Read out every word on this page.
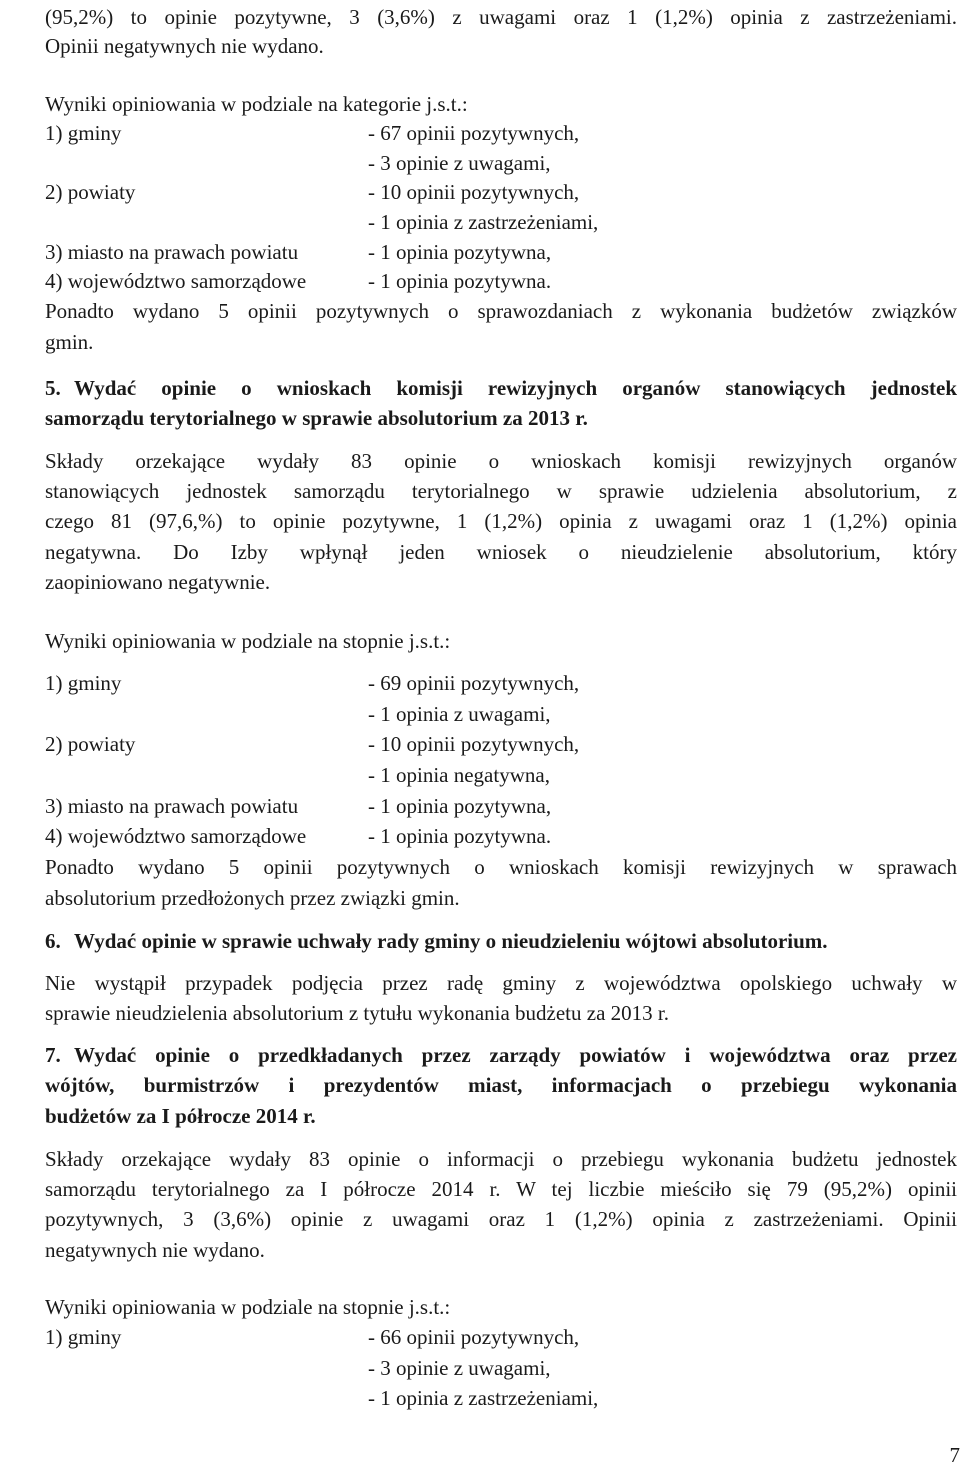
(95,2%) to opinie pozytywne, 3 (3,6%) z uwagami oraz 1 (1,2%) opinia z zastrzeżeniami.
Opinii negatywnych nie wydano.
Wyniki opiniowania w podziale na kategorie j.s.t.:
1) gminy	- 67 opinii pozytywnych,
- 3 opinie z uwagami,
2) powiaty	- 10 opinii pozytywnych,
- 1 opinia z zastrzeżeniami,
3) miasto na prawach powiatu	- 1 opinia pozytywna,
4) województwo samorządowe	- 1 opinia pozytywna.
Ponadto wydano 5 opinii pozytywnych o sprawozdaniach z wykonania budżetów związków
gmin.
5. Wydać opinie o wnioskach komisji rewizyjnych organów stanowiących jednostek
samorządu terytorialnego w sprawie absolutorium za 2013 r.
Składy orzekające wydały 83 opinie o wnioskach komisji rewizyjnych organów
stanowiących jednostek samorządu terytorialnego w sprawie udzielenia absolutorium, z
czego 81 (97,6,%) to opinie pozytywne, 1 (1,2%) opinia z uwagami oraz 1 (1,2%) opinia
negatywna. Do Izby wpłynął jeden wniosek o nieudzielenie absolutorium, który
zaopiniowano negatywnie.
Wyniki opiniowania w podziale na stopnie j.s.t.:
1) gminy	- 69 opinii pozytywnych,
- 1 opinia z uwagami,
2) powiaty	- 10 opinii pozytywnych,
- 1 opinia negatywna,
3) miasto na prawach powiatu	- 1 opinia pozytywna,
4) województwo samorządowe	- 1 opinia pozytywna.
Ponadto wydano 5 opinii pozytywnych o wnioskach komisji rewizyjnych w sprawach
absolutorium przedłożonych przez związki gmin.
6. Wydać opinie w sprawie uchwały rady gminy o nieudzieleniu wójtowi absolutorium.
Nie wystąpił przypadek podjęcia przez radę gminy z województwa opolskiego uchwały w
sprawie nieudzielenia absolutorium z tytułu wykonania budżetu za 2013 r.
7. Wydać opinie o przedkładanych przez zarządy powiatów i województwa oraz przez
wójtów, burmistrzów i prezydentów miast, informacjach o przebiegu wykonania
budżetów za I półrocze 2014 r.
Składy orzekające wydały 83 opinie o informacji o przebiegu wykonania budżetu jednostek
samorządu terytorialnego za I półrocze 2014 r. W tej liczbie mieściło się 79 (95,2%) opinii
pozytywnych, 3 (3,6%) opinie z uwagami oraz 1 (1,2%) opinia z zastrzeżeniami. Opinii
negatywnych nie wydano.
Wyniki opiniowania w podziale na stopnie j.s.t.:
1) gminy	- 66 opinii pozytywnych,
- 3 opinie z uwagami,
- 1 opinia z zastrzeżeniami,
7
